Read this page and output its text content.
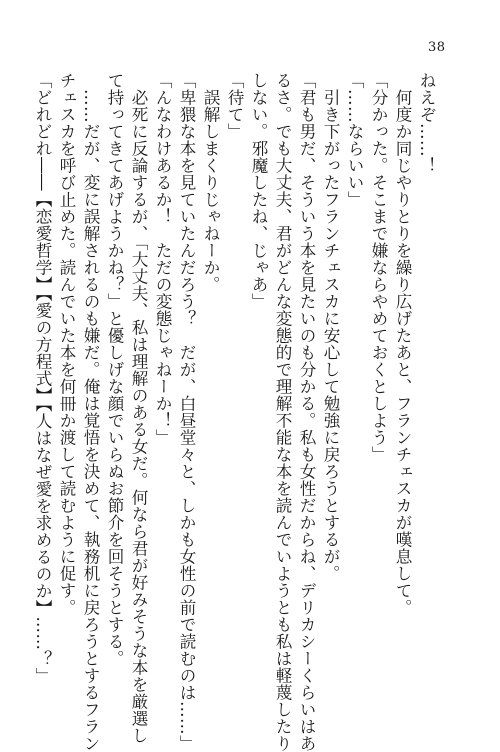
38
ねえぞ……！
　何度か同じやりとりを繰り広げたあと、フランチェスカが嘆息して。
「分かった。そこまで嫌ならやめておくとしよう」
「……ならいい」
　引き下がったフランチェスカに安心して勉強に戻ろうとするが。
「君も男だ、そういう本を見たいのも分かる。私も女性だからね、デリカシーくらいはあ
るさ。でも大丈夫、君がどんな変態的で理解不能な本を読んでいようとも私は軽蔑したり
しない。邪魔したね、じゃあ」
「待て」
　誤解しまくりじゃねーか。
「卑猥な本を見ていたんだろう？　だが、白昼堂々と、しかも女性の前で読むのは……」
「んなわけあるか！　ただの変態じゃねーか！」
　必死に反論するが、「大丈夫、私は理解のある女だ。何なら君が好みそうな本を厳選し
て持ってきてあげようかね？」と優しげな顔でいらぬお節介を回そうとする。
　……だが、変に誤解されるのも嫌だ。俺は覚悟を決めて、執務机に戻ろうとするフラン
チェスカを呼び止めた。読んでいた本を何冊か渡して読むように促す。
「どれどれ――【恋愛哲学】【愛の方程式】【人はなぜ愛を求めるのか】……？」
